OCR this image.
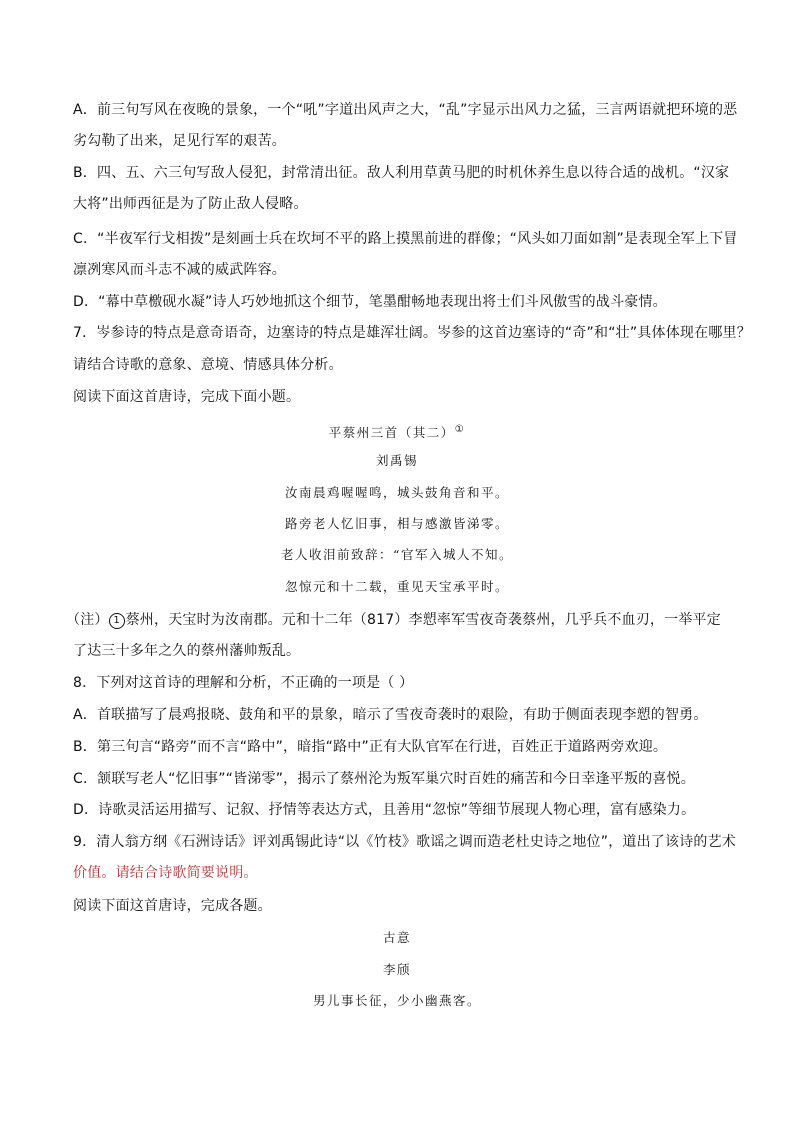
A．前三句写风在夜晚的景象，一个“吼”字道出风声之大，“乱”字显示出风力之猛，三言两语就把环境的恶
劣勾勒了出来，足见行军的艰苦。
B．四、五、六三句写敌人侵犯，封常清出征。敌人利用草黄马肥的时机休养生息以待合适的战机。“汉家
大将”出师西征是为了防止敌人侵略。
C．“半夜军行戈相拨”是刻画士兵在坎坷不平的路上摸黑前进的群像；“风头如刀面如割”是表现全军上下冒
凛冽寒风而斗志不减的威武阵容。
D．“幕中草檄砚水凝”诗人巧妙地抓这个细节，笔墨酣畅地表现出将士们斗风傲雪的战斗豪情。
7．岑参诗的特点是意奇语奇，边塞诗的特点是雄浑壮阔。岑参的这首边塞诗的“奇”和“壮”具体体现在哪里？
请结合诗歌的意象、意境、情感具体分析。
阅读下面这首唐诗，完成下面小题。
平蔡州三首（其二）①
刘禹锡
汝南晨鸡喔喔鸣，城头鼓角音和平。
路旁老人忆旧事，相与感激皆涕零。
老人收泪前致辞：“官军入城人不知。
忽惊元和十二载，重见天宝承平时。
（注） 1 蔡州，天宝时为汝南郡。元和十二年（817）李愬率军雪夜奇袭蔡州，几乎兵不血刃，一举平定
了达三十多年之久的蔡州藩帅叛乱。
8．下列对这首诗的理解和分析，不正确的一项是（ ）
A．首联描写了晨鸡报晓、鼓角和平的景象，暗示了雪夜奇袭时的艰险，有助于侧面表现李愬的智勇。
B．第三句言“路旁”而不言“路中”，暗指“路中”正有大队官军在行进，百姓正于道路两旁欢迎。
C．颔联写老人“忆旧事”“皆涕零”，揭示了蔡州沦为叛军巢穴时百姓的痛苦和今日幸逢平叛的喜悦。
D．诗歌灵活运用描写、记叙、抒情等表达方式，且善用“忽惊”等细节展现人物心理，富有感染力。
9．清人翁方纲《石洲诗话》评刘禹锡此诗“以《竹枝》歌谣之调而造老杜史诗之地位”，道出了该诗的艺术
价值。请结合诗歌简要说明。
阅读下面这首唐诗，完成各题。
古意
李颀
男儿事长征，少小幽燕客。
